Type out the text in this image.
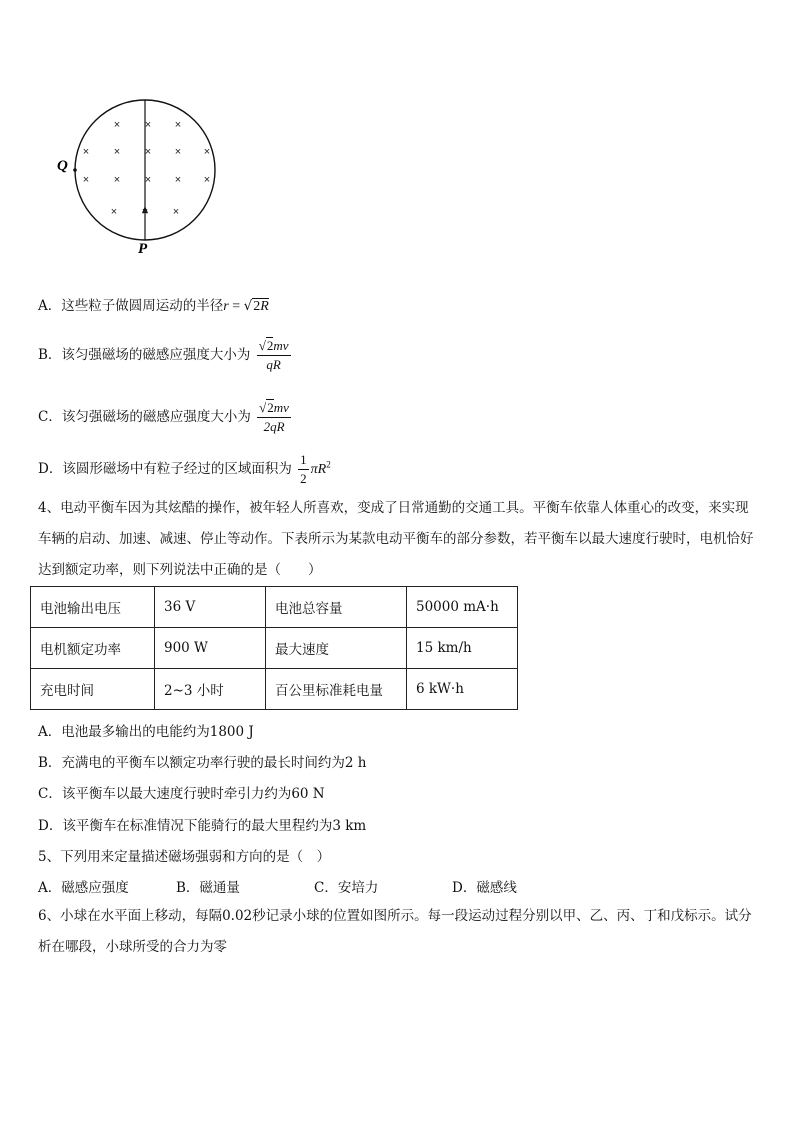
× × ×
× × × × ×
× × × × ×
× × ×
Q
P
A．这些粒子做圆周运动的半径r = √2R
B．该匀强磁场的磁感应强度大小为 $\frac{√2mv}{qR}$
C．该匀强磁场的磁感应强度大小为 $\frac{√2mv}{2qR}$
D．该圆形磁场中有粒子经过的区域面积为 $\frac{1}{2} \pi R^2$
4、电动平衡车因为其炫酷的操作，被年轻人所喜欢，变成了日常通勤的交通工具。平衡车依靠人体重心的改变，来实现车辆的启动、加速、减速、停止等动作。下表所示为某款电动平衡车的部分参数，若平衡车以最大速度行驶时，电机恰好达到额定功率，则下列说法中正确的是（　　）
电池输出电压	36 V	电池总容量	50000 mA·h
电机额定功率	900 W	最大速度	15 km/h
充电时间	2~3 小时	百公里标准耗电量	6 kW·h
A．电池最多输出的电能约为1800 J
B．充满电的平衡车以额定功率行驶的最长时间约为2 h
C．该平衡车以最大速度行驶时牵引力约为60 N
D．该平衡车在标准情况下能骑行的最大里程约为3 km
5、下列用来定量描述磁场强弱和方向的是（　）
A．磁感应强度	B．磁通量	C．安培力	D．磁感线
6、小球在水平面上移动，每隔0.02秒记录小球的位置如图所示。每一段运动过程分别以甲、乙、丙、丁和戊标示。试分析在哪段，小球所受的合力为零
